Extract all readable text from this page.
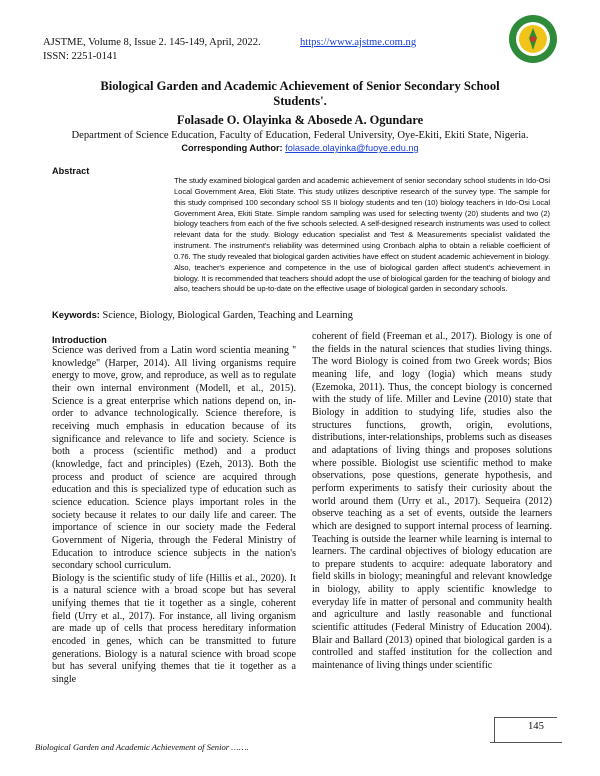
AJSTME, Volume 8, Issue 2. 145-149, April, 2022.	https://www.ajstme.com.ng
ISSN: 2251-0141
Biological Garden and Academic Achievement of Senior Secondary School
Students'.
Folasade O. Olayinka & Abosede A. Ogundare
Department of Science Education, Faculty of Education, Federal University, Oye-Ekiti, Ekiti State, Nigeria.
Corresponding Author: folasade.olayinka@fuoye.edu.ng
Abstract
The study examined biological garden and academic achievement of senior secondary school students in Ido-Osi Local Government Area, Ekiti State. This study utilizes descriptive research of the survey type. The sample for this study comprised 100 secondary school SS II biology students and ten (10) biology teachers in Ido-Osi Local Government Area, Ekiti State. Simple random sampling was used for selecting twenty (20) students and two (2) biology teachers from each of the five schools selected. A self-designed research instruments was used to collect relevant data for the study. Biology education specialist and Test & Measurements specialist validated the instrument. The instrument's reliability was determined using Cronbach alpha to obtain a reliable coefficient of 0.76. The study revealed that biological garden activities have effect on student academic achievement in biology. Also, teacher's experience and competence in the use of biological garden affect student's achievement in biology. It is recommended that teachers should adopt the use of biological garden for the teaching of biology and also, teachers should be up-to-date on the effective usage of biological garden in secondary schools.
Keywords: Science, Biology, Biological Garden, Teaching and Learning
Introduction

Science was derived from a Latin word scientia meaning '' knowledge'' (Harper, 2014). All living organisms require energy to move, grow, and reproduce, as well as to regulate their own internal environment (Modell, et al., 2015). Science is a great enterprise which nations depend on, in-order to advance technologically. Science therefore, is receiving much emphasis in education because of its significance and relevance to life and society. Science is both a process (scientific method) and a product (knowledge, fact and principles) (Ezeh, 2013). Both the process and product of science are acquired through education and this is specialized type of education such as science education. Science plays important roles in the society because it relates to our daily life and career. The importance of science in our society made the Federal Government of Nigeria, through the Federal Ministry of Education to introduce science subjects in the nation's secondary school curriculum.

Biology is the scientific study of life (Hillis et al., 2020). It is a natural science with a broad scope but has several unifying themes that tie it together as a single, coherent field (Urry et al., 2017). For instance, all living organism are made up of cells that process hereditary information encoded in genes, which can be transmitted to future generations. Biology is a natural science with broad scope but has several unifying themes that tie it together as a single

coherent of field (Freeman et al., 2017). Biology is one of the fields in the natural sciences that studies living things. The word Biology is coined from two Greek words; Bios meaning life, and logy (logia) which means study (Ezemoka, 2011). Thus, the concept biology is concerned with the study of life. Miller and Levine (2010) state that Biology in addition to studying life, studies also the structures functions, growth, origin, evolutions, distributions, inter-relationships, problems such as diseases and adaptations of living things and proposes solutions where possible. Biologist use scientific method to make observations, pose questions, generate hypothesis, and perform experiments to satisfy their curiosity about the world around them (Urry et al., 2017). Sequeira (2012) observe teaching as a set of events, outside the learners which are designed to support internal process of learning. Teaching is outside the learner while learning is internal to learners. The cardinal objectives of biology education are to prepare students to acquire: adequate laboratory and field skills in biology; meaningful and relevant knowledge in biology, ability to apply scientific knowledge to everyday life in matter of personal and community health and agriculture and lastly reasonable and functional scientific attitudes (Federal Ministry of Education 2004). Blair and Ballard (2013) opined that biological garden is a controlled and staffed institution for the collection and maintenance of living things under scientific

145
Biological Garden and Academic Achievement of Senior …….
